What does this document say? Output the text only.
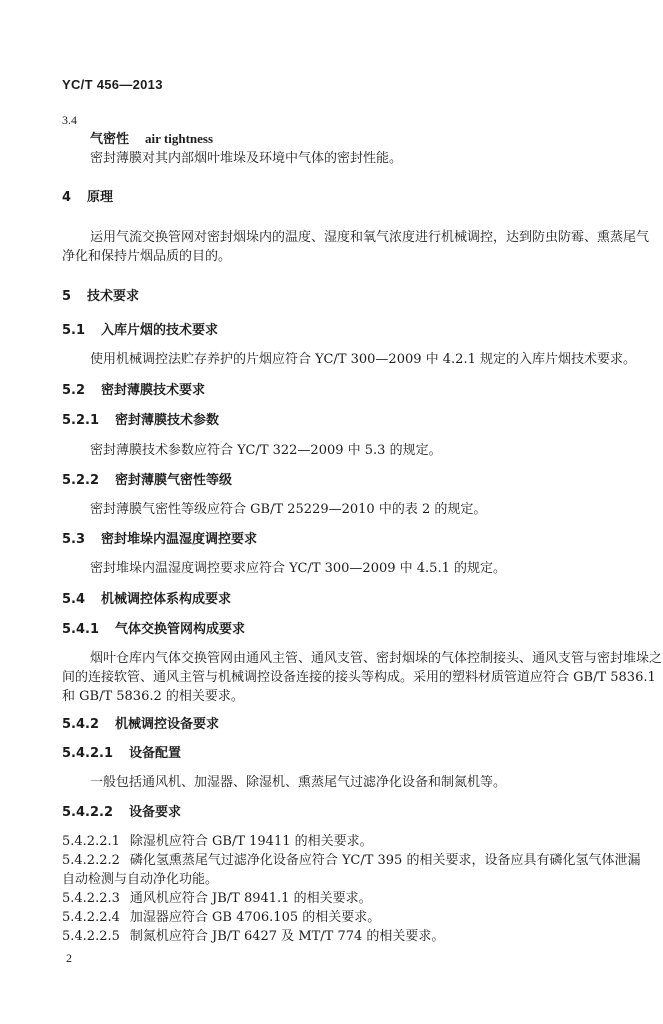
YC/T 456—2013
3.4
气密性 air tightness
密封薄膜对其内部烟叶堆垛及环境中气体的密封性能。
4 原理
运用气流交换管网对密封烟垛内的温度、湿度和氧气浓度进行机械调控，达到防虫防霉、熏蒸尾气
净化和保持片烟品质的目的。
5 技术要求
5.1 入库片烟的技术要求
使用机械调控法贮存养护的片烟应符合 YC/T 300—2009 中 4.2.1 规定的入库片烟技术要求。
5.2 密封薄膜技术要求
5.2.1 密封薄膜技术参数
密封薄膜技术参数应符合 YC/T 322—2009 中 5.3 的规定。
5.2.2 密封薄膜气密性等级
密封薄膜气密性等级应符合 GB/T 25229—2010 中的表 2 的规定。
5.3 密封堆垛内温湿度调控要求
密封堆垛内温湿度调控要求应符合 YC/T 300—2009 中 4.5.1 的规定。
5.4 机械调控体系构成要求
5.4.1 气体交换管网构成要求
烟叶仓库内气体交换管网由通风主管、通风支管、密封烟垛的气体控制接头、通风支管与密封堆垛之
间的连接软管、通风主管与机械调控设备连接的接头等构成。采用的塑料材质管道应符合 GB/T 5836.1
和 GB/T 5836.2 的相关要求。
5.4.2 机械调控设备要求
5.4.2.1 设备配置
一般包括通风机、加湿器、除湿机、熏蒸尾气过滤净化设备和制氮机等。
5.4.2.2 设备要求
5.4.2.2.1 除湿机应符合 GB/T 19411 的相关要求。
5.4.2.2.2 磷化氢熏蒸尾气过滤净化设备应符合 YC/T 395 的相关要求，设备应具有磷化氢气体泄漏
自动检测与自动净化功能。
5.4.2.2.3 通风机应符合 JB/T 8941.1 的相关要求。
5.4.2.2.4 加湿器应符合 GB 4706.105 的相关要求。
5.4.2.2.5 制氮机应符合 JB/T 6427 及 MT/T 774 的相关要求。
2
